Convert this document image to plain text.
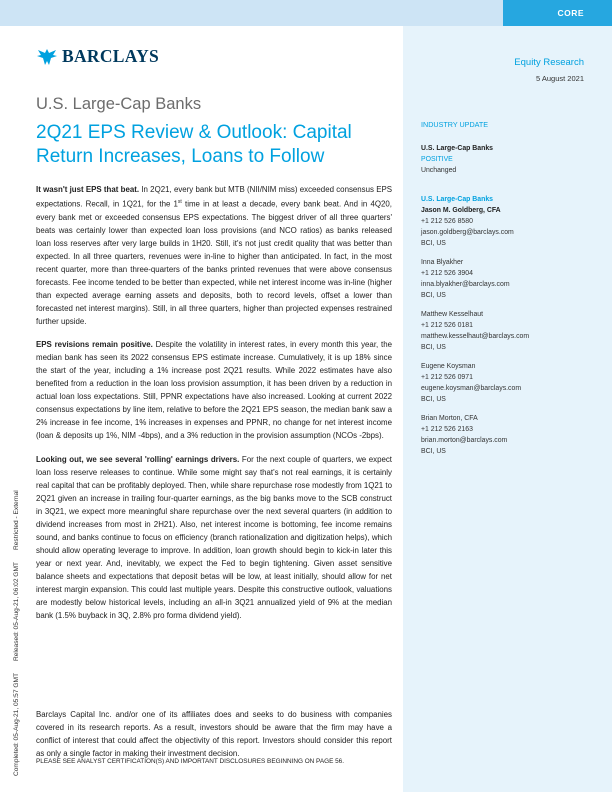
CORE
BARCLAYS
U.S. Large-Cap Banks
2Q21 EPS Review & Outlook: Capital Return Increases, Loans to Follow

It wasn't just EPS that beat. In 2Q21, every bank but MTB (NII/NIM miss) exceeded consensus EPS expectations. Recall, in 1Q21, for the 1st time in at least a decade, every bank beat. And in 4Q20, every bank met or exceeded consensus EPS expectations. The biggest driver of all three quarters' beats was certainly lower than expected loan loss provisions (and NCO ratios) as banks released loan loss reserves after very large builds in 1H20. Still, it's not just credit quality that was better than expected. In all three quarters, revenues were in-line to higher than anticipated. In fact, in the most recent quarter, more than three-quarters of the banks printed revenues that were above consensus forecasts. Fee income tended to be better than expected, while net interest income was in-line (higher than expected average earning assets and deposits, both to record levels, offset a lower than forecasted net interest margins). Still, in all three quarters, higher than projected expenses restrained further upside.

EPS revisions remain positive. Despite the volatility in interest rates, in every month this year, the median bank has seen its 2022 consensus EPS estimate increase. Cumulatively, it is up 18% since the start of the year, including a 1% increase post 2Q21 results. While 2022 estimates have also benefited from a reduction in the loan loss provision assumption, it has been driven by a reduction in actual loan loss expectations. Still, PPNR expectations have also increased. Looking at current 2022 consensus expectations by line item, relative to before the 2Q21 EPS season, the median bank saw a 2% increase in fee income, 1% increases in expenses and PPNR, no change for net interest income (loan & deposits up 1%, NIM -4bps), and a 3% reduction in the provision assumption (NCOs -2bps).

Looking out, we see several 'rolling' earnings drivers. For the next couple of quarters, we expect loan loss reserve releases to continue. While some might say that's not real earnings, it is certainly real capital that can be profitably deployed. Then, while share repurchase rose modestly from 1Q21 to 2Q21 given an increase in trailing four-quarter earnings, as the big banks move to the SCB construct in 3Q21, we expect more meaningful share repurchase over the next several quarters (in addition to dividend increases from most in 2H21). Also, net interest income is bottoming, fee income remains sound, and banks continue to focus on efficiency (branch rationalization and digitization helps), which should allow operating leverage to improve. In addition, loan growth should begin to kick-in later this year or next year. And, inevitably, we expect the Fed to begin tightening. Given asset sensitive balance sheets and expectations that deposit betas will be low, at least initially, should allow for net interest margin expansion. This could last multiple years. Despite this constructive outlook, valuations are modestly below historical levels, including an all-in 3Q21 annualized yield of 9% at the median bank (1.5% buyback in 3Q, 2.8% pro forma dividend yield).

Barclays Capital Inc. and/or one of its affiliates does and seeks to do business with companies covered in its research reports. As a result, investors should be aware that the firm may have a conflict of interest that could affect the objectivity of this report. Investors should consider this report as only a single factor in making their investment decision.
PLEASE SEE ANALYST CERTIFICATION(S) AND IMPORTANT DISCLOSURES BEGINNING ON PAGE 56.
Completed: 05-Aug-21, 05:57 GMTReleased: 05-Aug-21, 06:02 GMTRestricted - External
Equity Research
5 August 2021
INDUSTRY UPDATE
U.S. Large-Cap Banks
POSITIVE
Unchanged
U.S. Large-Cap Banks
Jason M. Goldberg, CFA
+1 212 526 8580
jason.goldberg@barclays.com
BCI, US
Inna Blyakher
+1 212 526 3904
inna.blyakher@barclays.com
BCI, US
Matthew Kesselhaut
+1 212 526 0181
matthew.kesselhaut@barclays.com
BCI, US
Eugene Koysman
+1 212 526 0971
eugene.koysman@barclays.com
BCI, US
Brian Morton, CFA
+1 212 526 2163
brian.morton@barclays.com
BCI, US
